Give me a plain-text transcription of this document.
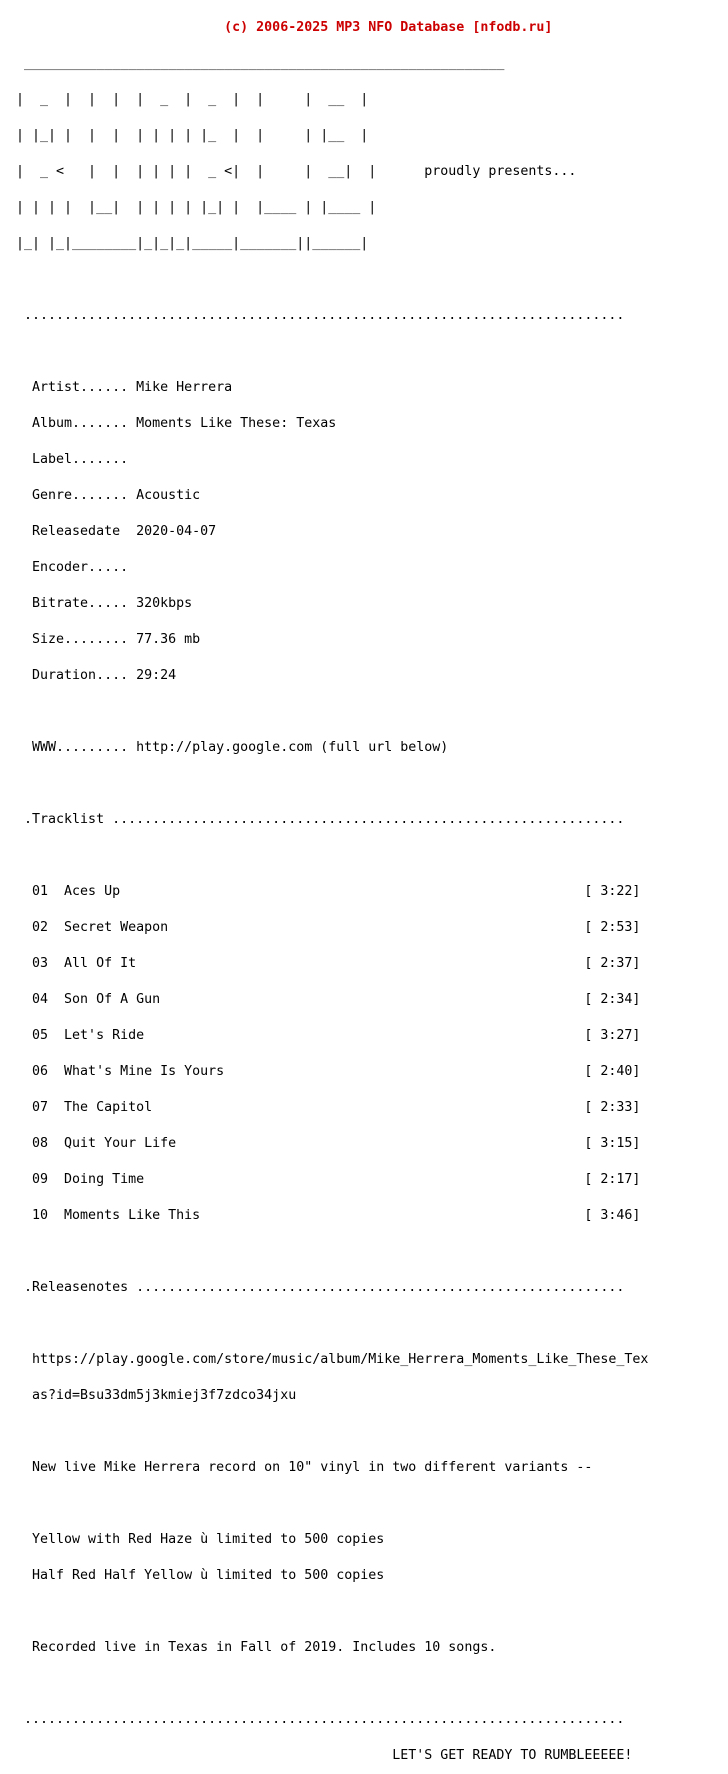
(c) 2006-2025 MP3 NFO Database [nfodb.ru]

____________________________________________________________

|  _  |  |  |  |  _  |  _  |  |     |  __  |

| |_| |  |  |  | | | | |_  |  |     | |__  |

|  _ <   |  |  | | | |  _ <|  |     |  __|  |      proudly presents...

| | | |  |__|  | | | | |_| |  |____ | |____ |

|_| |_|________|_|_|_|_____|_______||______|

...........................................................................

Artist...... Mike Herrera

Album....... Moments Like These: Texas

Label.......

Genre....... Acoustic

Releasedate  2020-04-07

Encoder.....

Bitrate..... 320kbps

Size........ 77.36 mb

Duration.... 29:24

WWW......... http://play.google.com (full url below)

.Tracklist ................................................................

01  Aces Up                                                          [ 3:22]

02  Secret Weapon                                                    [ 2:53]

03  All Of It                                                        [ 2:37]

04  Son Of A Gun                                                     [ 2:34]

05  Let's Ride                                                       [ 3:27]

06  What's Mine Is Yours                                             [ 2:40]

07  The Capitol                                                      [ 2:33]

08  Quit Your Life                                                   [ 3:15]

09  Doing Time                                                       [ 2:17]

10  Moments Like This                                                [ 3:46]

.Releasenotes .............................................................

https://play.google.com/store/music/album/Mike_Herrera_Moments_Like_These_Tex

as?id=Bsu33dm5j3kmiej3f7zdco34jxu

New live Mike Herrera record on 10" vinyl in two different variants --

Yellow with Red Haze ù limited to 500 copies

Half Red Half Yellow ù limited to 500 copies

Recorded live in Texas in Fall of 2019. Includes 10 songs.

...........................................................................

LET'S GET READY TO RUMBLEEEEE!
